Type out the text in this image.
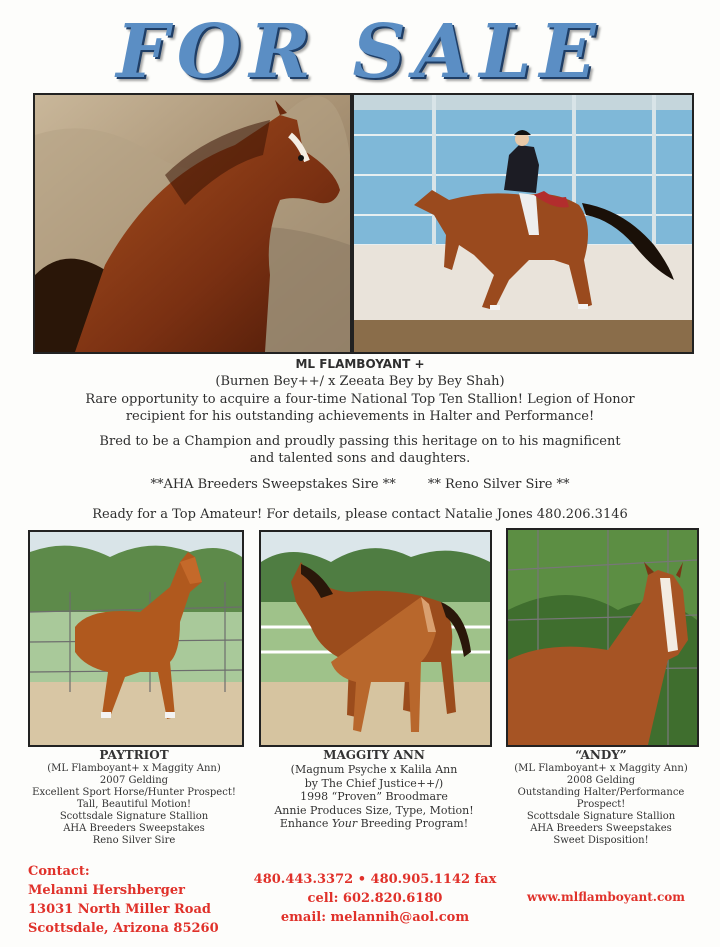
FOR SALE
ML FLAMBOYANT +
(Burnen Bey++/ x Zeeata Bey by Bey Shah)
Rare opportunity to acquire a four-time National Top Ten Stallion! Legion of Honor
recipient for his outstanding achievements in Halter and Performance!
Bred to be a Champion and proudly passing this heritage on to his magnificent
and talented sons and daughters.
**AHA Breeders Sweepstakes Sire ** ** Reno Silver Sire **
Ready for a Top Amateur! For details, please contact Natalie Jones 480.206.3146
PAYTRIOT
(ML Flamboyant+ x Maggity Ann)
2007 Gelding
Excellent Sport Horse/Hunter Prospect!
Tall, Beautiful Motion!
Scottsdale Signature Stallion
AHA Breeders Sweepstakes
Reno Silver Sire
MAGGITY ANN
(Magnum Psyche x Kalila Ann
by The Chief Justice++/)
1998 “Proven” Broodmare
Annie Produces Size, Type, Motion!
Enhance Your Breeding Program!
“ANDY”
(ML Flamboyant+ x Maggity Ann)
2008 Gelding
Outstanding Halter/Performance
Prospect!
Scottsdale Signature Stallion
AHA Breeders Sweepstakes
Sweet Disposition!
Contact:
Melanni Hershberger
13031 North Miller Road
Scottsdale, Arizona 85260
480.443.3372 • 480.905.1142 fax
cell: 602.820.6180
email: melannih@aol.com
www.mlflamboyant.com
